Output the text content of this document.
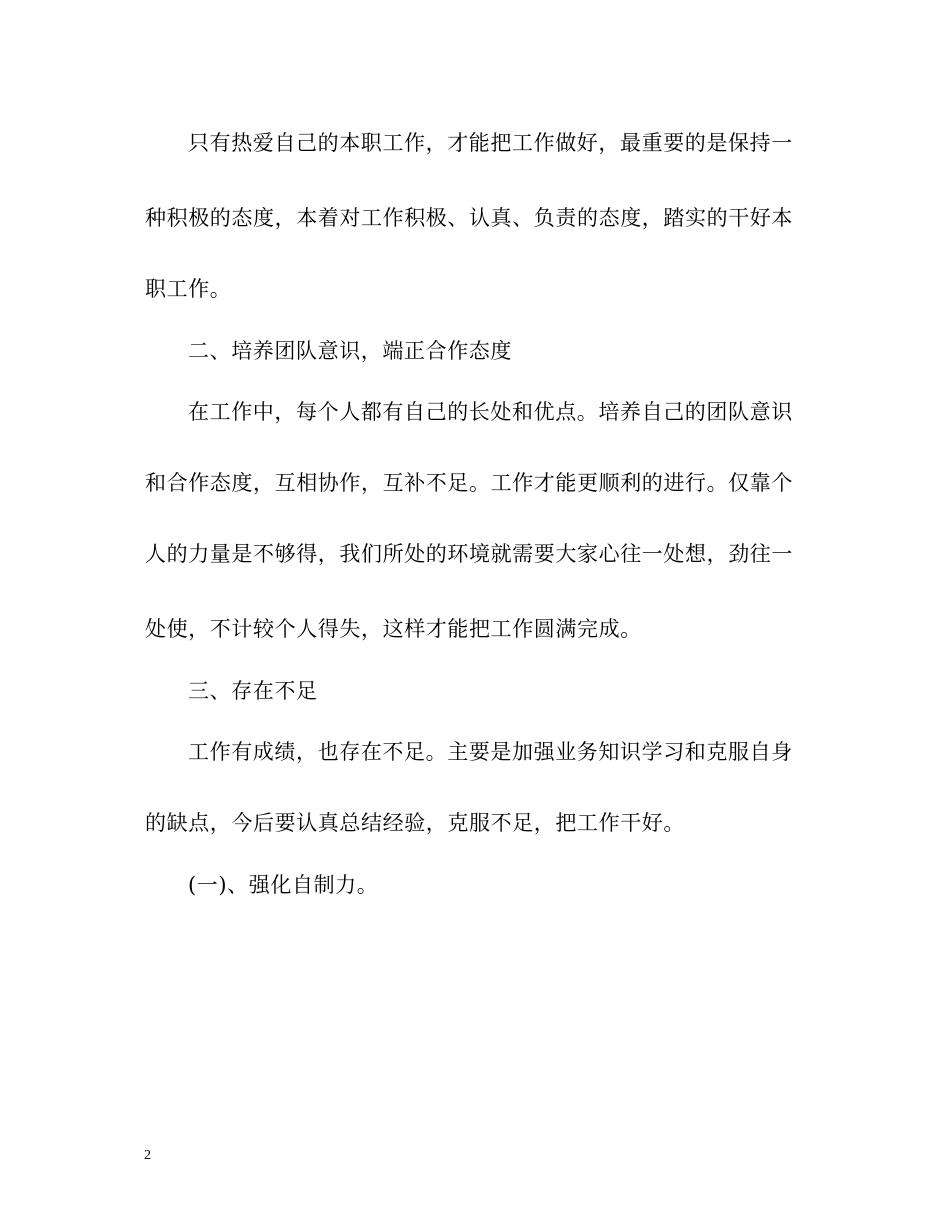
只有热爱自己的本职工作，才能把工作做好，最重要的是保持一

种积极的态度，本着对工作积极、认真、负责的态度，踏实的干好本

职工作。

二、培养团队意识，端正合作态度

在工作中，每个人都有自己的长处和优点。培养自己的团队意识

和合作态度，互相协作，互补不足。工作才能更顺利的进行。仅靠个

人的力量是不够得，我们所处的环境就需要大家心往一处想，劲往一

处使，不计较个人得失，这样才能把工作圆满完成。

三、存在不足

工作有成绩，也存在不足。主要是加强业务知识学习和克服自身

的缺点，今后要认真总结经验，克服不足，把工作干好。

(一)、强化自制力。

2
